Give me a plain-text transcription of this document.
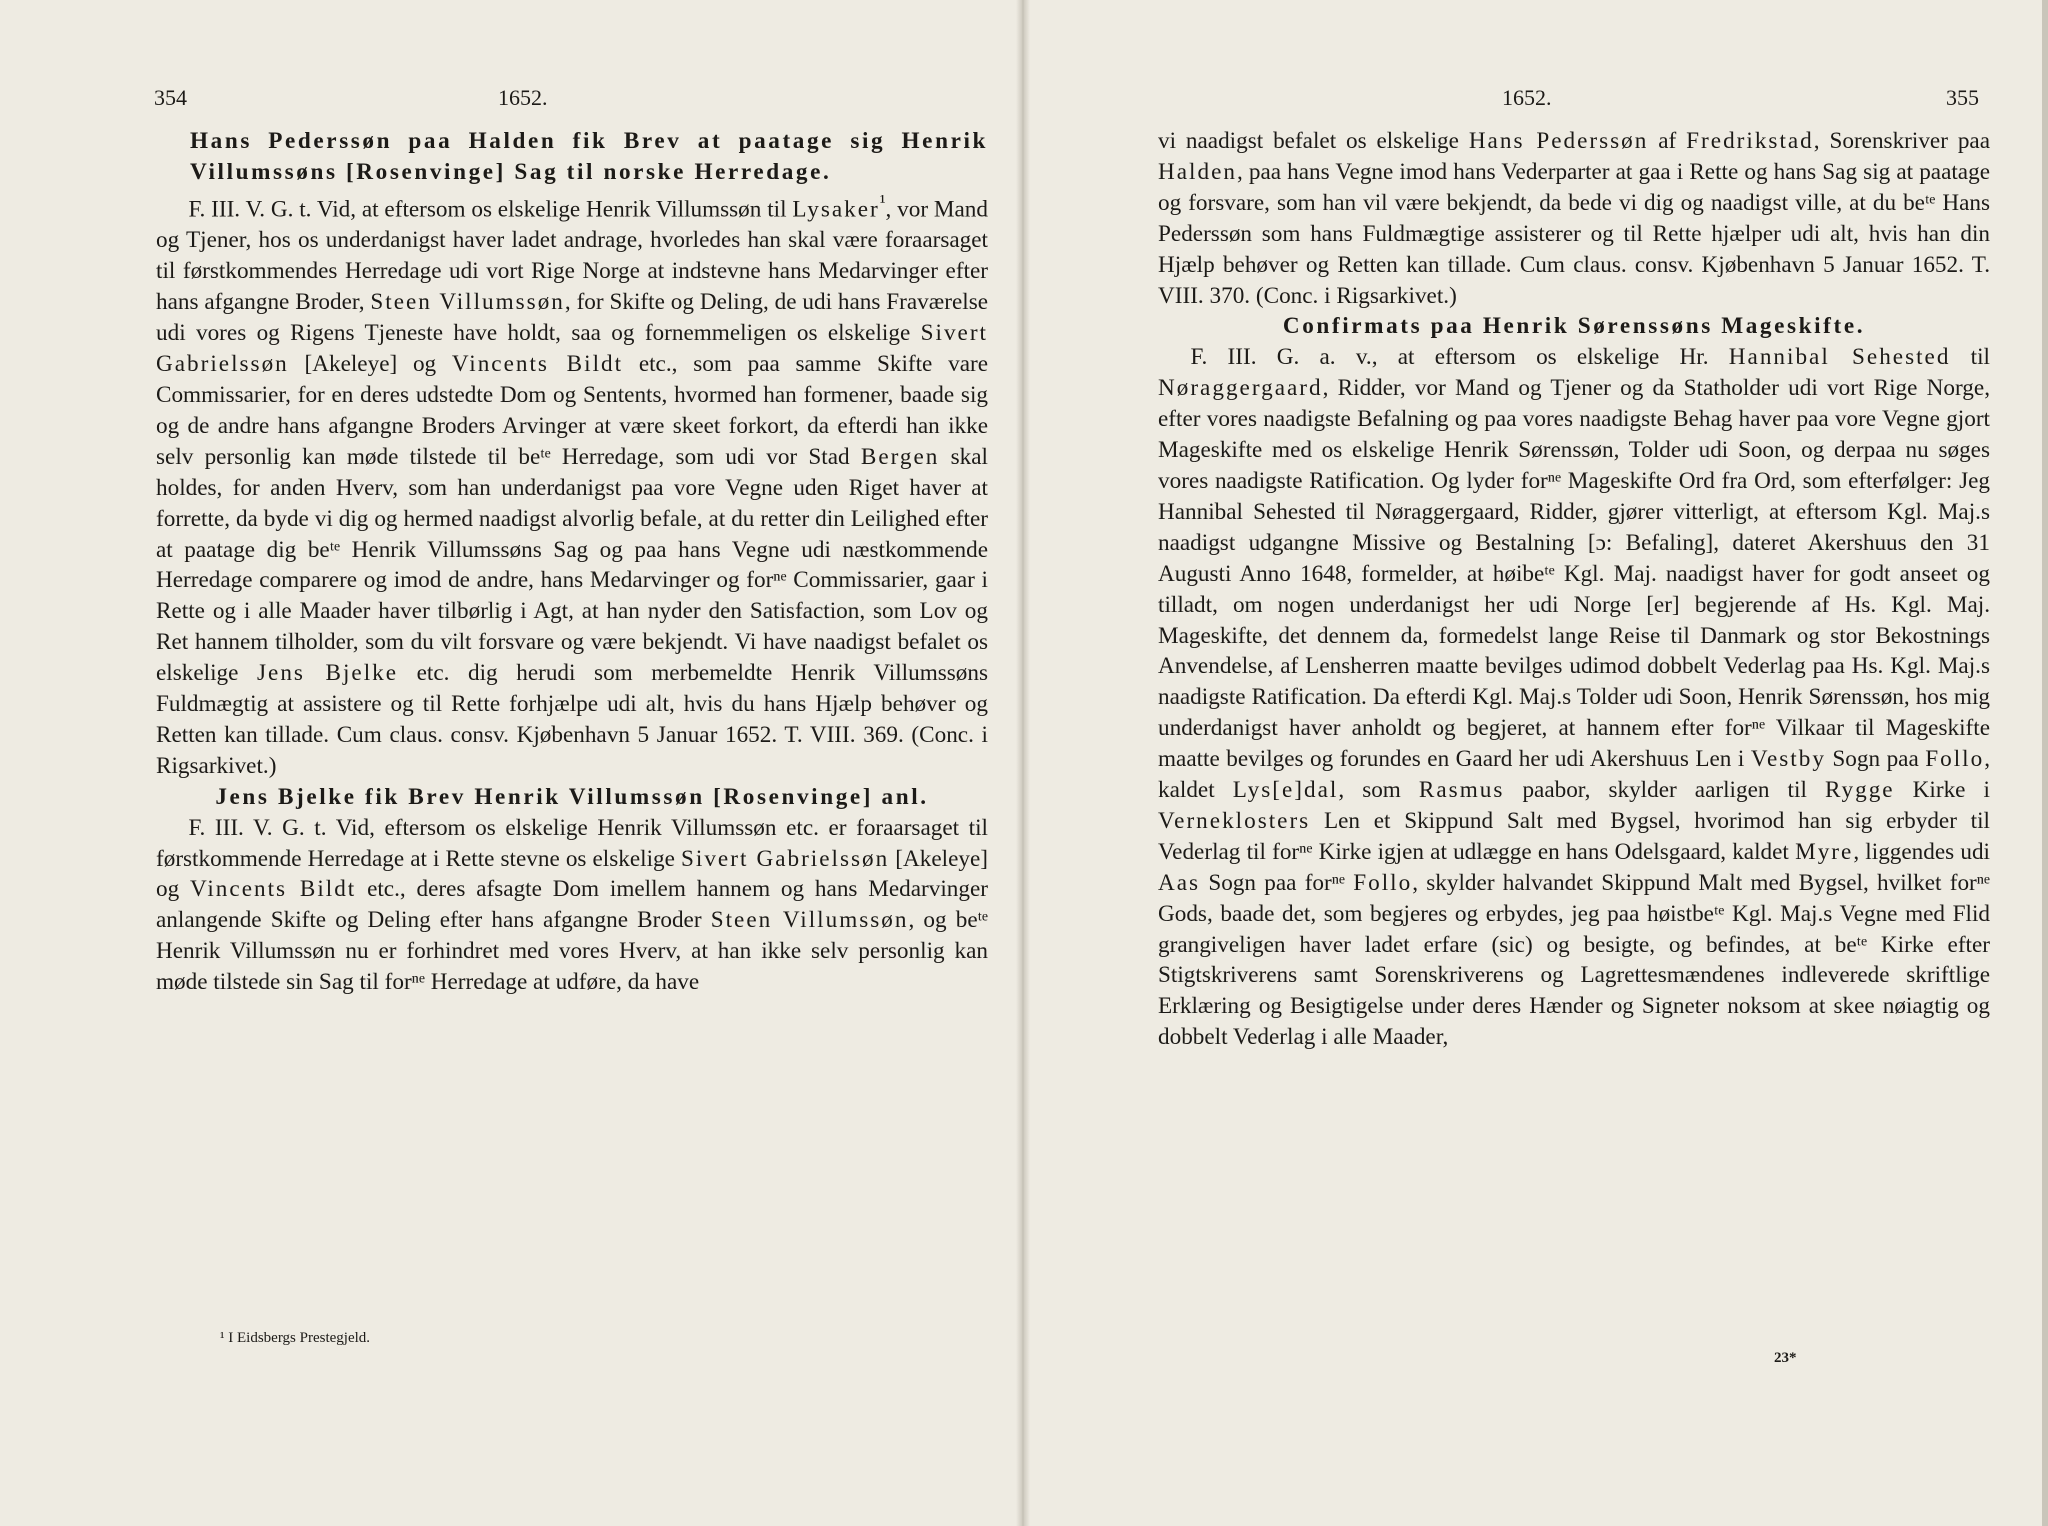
354	1652.

Hans Pederssøn paa Halden fik Brev at paatage sig Henrik Villumssøns [Rosenvinge] Sag til norske Herredage.

F. III. V. G. t. Vid, at eftersom os elskelige Henrik Villumssøn til Lysaker$^{^1}$, vor Mand og Tjener, hos os underdanigst haver ladet andrage, hvorledes han skal være foraarsaget til førstkommendes Herredage udi vort Rige Norge at indstevne hans Medarvinger efter hans afgangne Broder, Steen Villumssøn, for Skifte og Deling, de udi hans Fraværelse udi vores og Rigens Tjeneste have holdt, saa og fornemmeligen os elskelige Sivert Gabrielssøn [Akeleye] og Vincents Bildt etc., som paa samme Skifte vare Commissarier, for en deres udstedte Dom og Sentents, hvormed han formener, baade sig og de andre hans afgangne Broders Arvinger at være skeet forkort, da efterdi han ikke selv personlig kan møde tilstede til beᵗᵉ Herredage, som udi vor Stad Bergen skal holdes, for anden Hverv, som han underdanigst paa vore Vegne uden Riget haver at forrette, da byde vi dig og hermed naadigst alvorlig befale, at du retter din Leilighed efter at paatage dig beᵗᵉ Henrik Villumssøns Sag og paa hans Vegne udi næstkommende Herredage comparere og imod de andre, hans Medarvinger og forⁿᵉ Commissarier, gaar i Rette og i alle Maader haver tilbørlig i Agt, at han nyder den Satisfaction, som Lov og Ret hannem tilholder, som du vilt forsvare og være bekjendt. Vi have naadigst befalet os elskelige Jens Bjelke etc. dig herudi som merbemeldte Henrik Villumssøns Fuldmægtig at assistere og til Rette forhjælpe udi alt, hvis du hans Hjælp behøver og Retten kan tillade. Cum claus. consv. Kjøbenhavn 5 Januar 1652. T. VIII. 369. (Conc. i Rigsarkivet.)

Jens Bjelke fik Brev Henrik Villumssøn [Rosenvinge] anl.

F. III. V. G. t. Vid, eftersom os elskelige Henrik Villumssøn etc. er foraarsaget til førstkommende Herredage at i Rette stevne os elskelige Sivert Gabrielssøn [Akeleye] og Vincents Bildt etc., deres afsagte Dom imellem hannem og hans Medarvinger anlangende Skifte og Deling efter hans afgangne Broder Steen Villumssøn, og beᵗᵉ Henrik Villumssøn nu er forhindret med vores Hverv, at han ikke selv personlig kan møde tilstede sin Sag til forⁿᵉ Herredage at udføre, da have

¹ I Eidsbergs Prestegjeld.
1652.	355

vi naadigst befalet os elskelige Hans Pederssøn af Fredrikstad, Sorenskriver paa Halden, paa hans Vegne imod hans Vederparter at gaa i Rette og hans Sag sig at paatage og forsvare, som han vil være bekjendt, da bede vi dig og naadigst ville, at du beᵗᵉ Hans Pederssøn som hans Fuldmægtige assisterer og til Rette hjælper udi alt, hvis han din Hjælp behøver og Retten kan tillade. Cum claus. consv. Kjøbenhavn 5 Januar 1652. T. VIII. 370. (Conc. i Rigsarkivet.)

Confirmats paa Henrik Sørenssøns Mageskifte.

F. III. G. a. v., at eftersom os elskelige Hr. Hannibal Sehested til Nøraggergaard, Ridder, vor Mand og Tjener og da Statholder udi vort Rige Norge, efter vores naadigste Befalning og paa vores naadigste Behag haver paa vore Vegne gjort Mageskifte med os elskelige Henrik Sørenssøn, Tolder udi Soon, og derpaa nu søges vores naadigste Ratification. Og lyder forⁿᵉ Mageskifte Ord fra Ord, som efterfølger: Jeg Hannibal Sehested til Nøraggergaard, Ridder, gjører vitterligt, at eftersom Kgl. Maj.s naadigst udgangne Missive og Bestalning [ɔ: Befaling], dateret Akershuus den 31 Augusti Anno 1648, formelder, at høibeᵗᵉ Kgl. Maj. naadigst haver for godt anseet og tilladt, om nogen underdanigst her udi Norge [er] begjerende af Hs. Kgl. Maj. Mageskifte, det dennem da, formedelst lange Reise til Danmark og stor Bekostnings Anvendelse, af Lensherren maatte bevilges udimod dobbelt Vederlag paa Hs. Kgl. Maj.s naadigste Ratification. Da efterdi Kgl. Maj.s Tolder udi Soon, Henrik Sørenssøn, hos mig underdanigst haver anholdt og begjeret, at hannem efter forⁿᵉ Vilkaar til Mageskifte maatte bevilges og forundes en Gaard her udi Akershuus Len i Vestby Sogn paa Follo, kaldet Lys[e]dal, som Rasmus paabor, skylder aarligen til Rygge Kirke i Verneklosters Len et Skippund Salt med Bygsel, hvorimod han sig erbyder til Vederlag til forⁿᵉ Kirke igjen at udlægge en hans Odelsgaard, kaldet Myre, liggendes udi Aas Sogn paa forⁿᵉ Follo, skylder halvandet Skippund Malt med Bygsel, hvilket forⁿᵉ Gods, baade det, som begjeres og erbydes, jeg paa høistbeᵗᵉ Kgl. Maj.s Vegne med Flid grangiveligen haver ladet erfare (sic) og besigte, og befindes, at beᵗᵉ Kirke efter Stigtskriverens samt Sorenskriverens og Lagrettesmændenes indleverede skriftlige Erklæring og Besigtigelse under deres Hænder og Signeter noksom at skee nøiagtig og dobbelt Vederlag i alle Maader,

23*
